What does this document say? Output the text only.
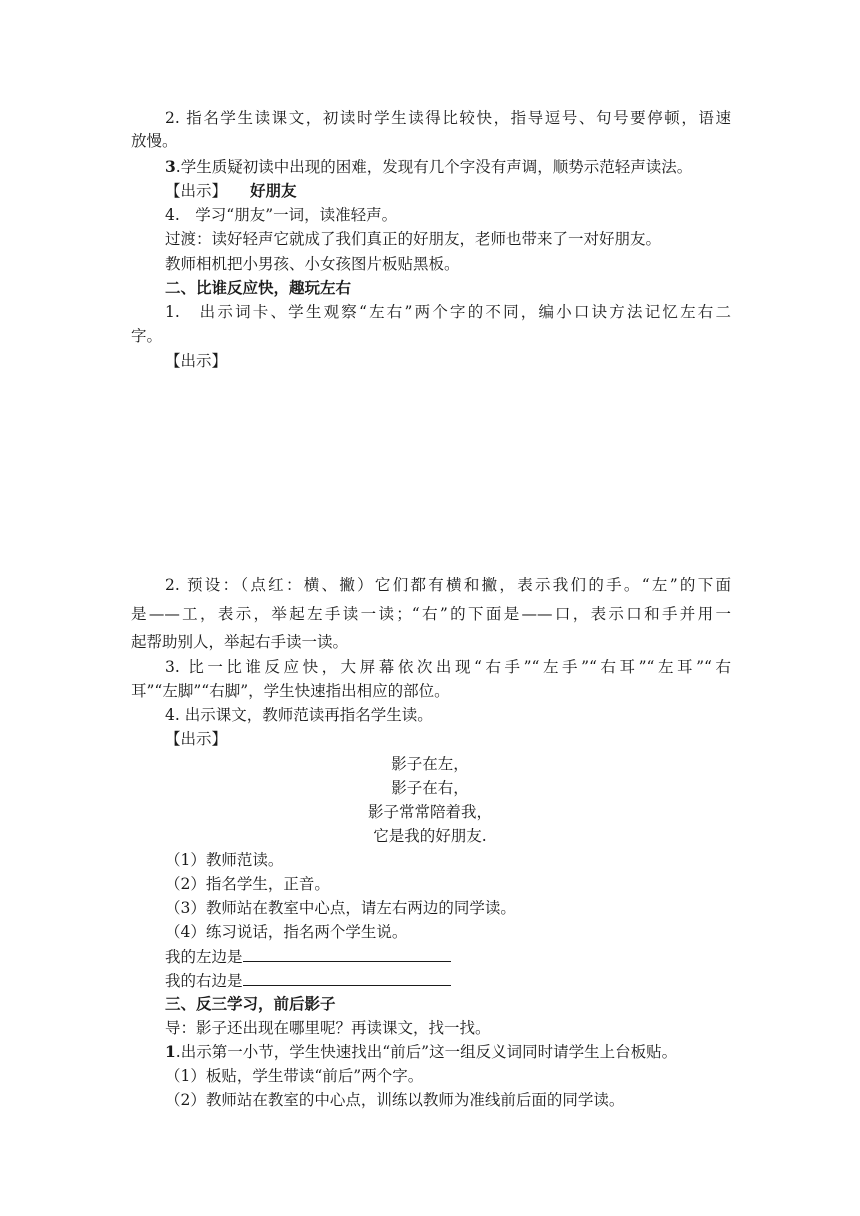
2. 指名学生读课文，初读时学生读得比较快，指导逗号、句号要停顿，语速
放慢。
3.学生质疑初读中出现的困难，发现有几个字没有声调，顺势示范轻声读法。
【出示】 好朋友
4.　学习“朋友”一词，读准轻声。
过渡：读好轻声它就成了我们真正的好朋友，老师也带来了一对好朋友。
教师相机把小男孩、小女孩图片板贴黑板。
二、比谁反应快，趣玩左右
1.　出示词卡、学生观察“左右”两个字的不同，编小口诀方法记忆左右二
字。
【出示】
2. 预设：（点红：横、撇）它们都有横和撇，表示我们的手。“左”的下面
是——工，表示，举起左手读一读；“右”的下面是——口，表示口和手并用一
起帮助别人，举起右手读一读。
3. 比一比谁反应快，大屏幕依次出现“右手”“左手”“右耳”“左耳”“右
耳”“左脚”“右脚”，学生快速指出相应的部位。
4. 出示课文，教师范读再指名学生读。
【出示】
影子在左，
影子在右，
影子常常陪着我，
它是我的好朋友.
（1）教师范读。
（2）指名学生，正音。
（3）教师站在教室中心点，请左右两边的同学读。
（4）练习说话，指名两个学生说。
我的左边是
我的右边是
三、反三学习，前后影子
导：影子还出现在哪里呢？再读课文，找一找。
1.出示第一小节，学生快速找出“前后”这一组反义词同时请学生上台板贴。
（1）板贴，学生带读“前后”两个字。
（2）教师站在教室的中心点，训练以教师为准线前后面的同学读。
